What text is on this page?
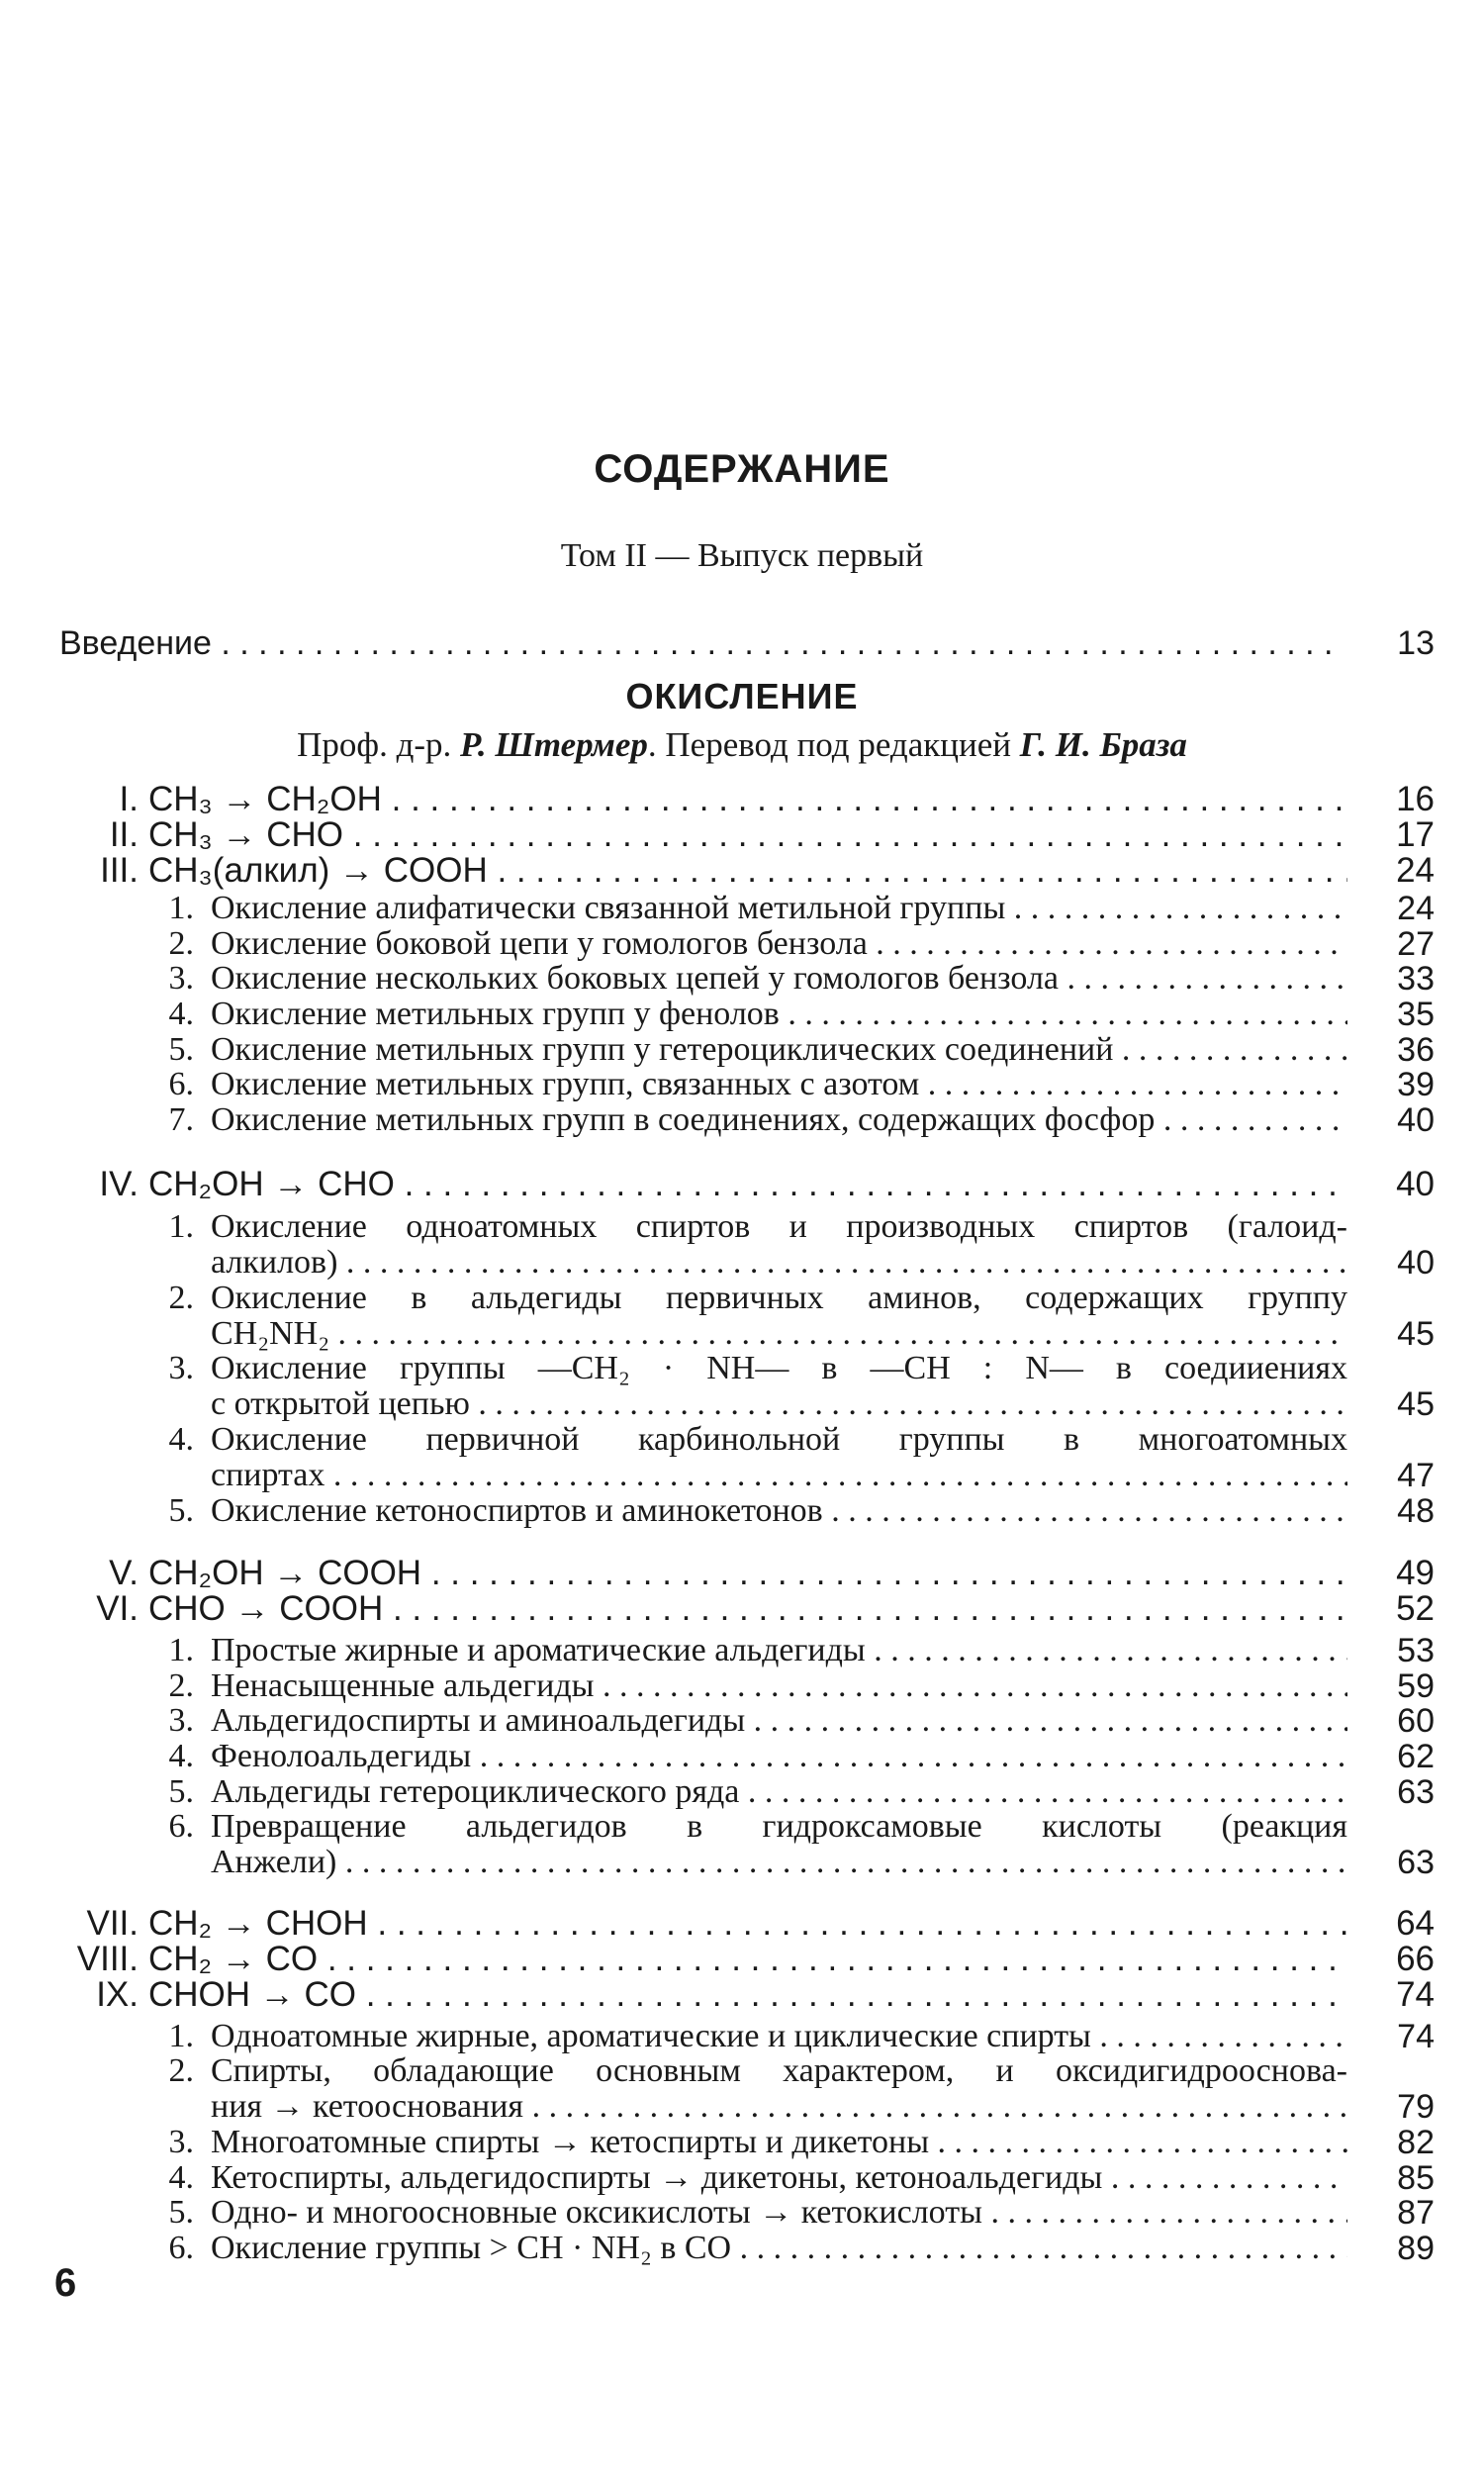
СОДЕРЖАНИЕ
Том II — Выпуск первый
Введение . . .	13
ОКИСЛЕНИЕ
Проф. д-р. Р. Штермер. Перевод под редакцией Г. И. Браза
I. CH₃ → CH₂OH . . .	16
II. CH₃ → CHO . . .	17
III. CH₃(алкил) → COOH . . .	24
1. Окисление алифатически связанной метильной группы . . .	24
2. Окисление боковой цепи у гомологов бензола . . .	27
3. Окисление нескольких боковых цепей у гомологов бензола . . .	33
4. Окисление метильных групп у фенолов . . .	35
5. Окисление метильных групп у гетероциклических соединений . . .	36
6. Окисление метильных групп, связанных с азотом . . .	39
7. Окисление метильных групп в соединениях, содержащих фосфор . . .	40
IV. CH₂OH → CHO . . .	40
1. Окисление одноатомных спиртов и производных спиртов (галоид-
алкилов) . . .	40
2. Окисление в альдегиды первичных аминов, содержащих группу
CH₂NH₂ . . .	45
3. Окисление группы —CH₂ · NH— в —CH : N— в соедииениях
с открытой цепью . . .	45
4. Окисление первичной карбинольной группы в многоатомных
спиртах . . .	47
5. Окисление кетоноспиртов и аминокетонов . . .	48
V. CH₂OH → COOH . . .	49
VI. CHO → COOH . . .	52
1. Простые жирные и ароматические альдегиды . . .	53
2. Ненасыщенные альдегиды . . .	59
3. Альдегидоспирты и аминоальдегиды . . .	60
4. Фенолоальдегиды . . .	62
5. Альдегиды гетероциклического ряда . . .	63
6. Превращение альдегидов в гидроксамовые кислоты (реакция
Анжели) . . .	63
VII. CH₂ → CHOH . . .	64
VIII. CH₂ → CO . . .	66
IX. CHOH → CO . . .	74
1. Одноатомные жирные, ароматические и циклические спирты . . .	74
2. Спирты, обладающие основным характером, и оксидигидрооснова-
ния → кетооснования . . .	79
3. Многоатомные спирты → кетоспирты и дикетоны . . .	82
4. Кетоспирты, альдегидоспирты → дикетоны, кетоноальдегиды . . .	85
5. Одно- и многоосновные оксикислоты → кетокислоты . . .	87
6. Окисление группы > CH · NH₂ в CO . . .	89
6
